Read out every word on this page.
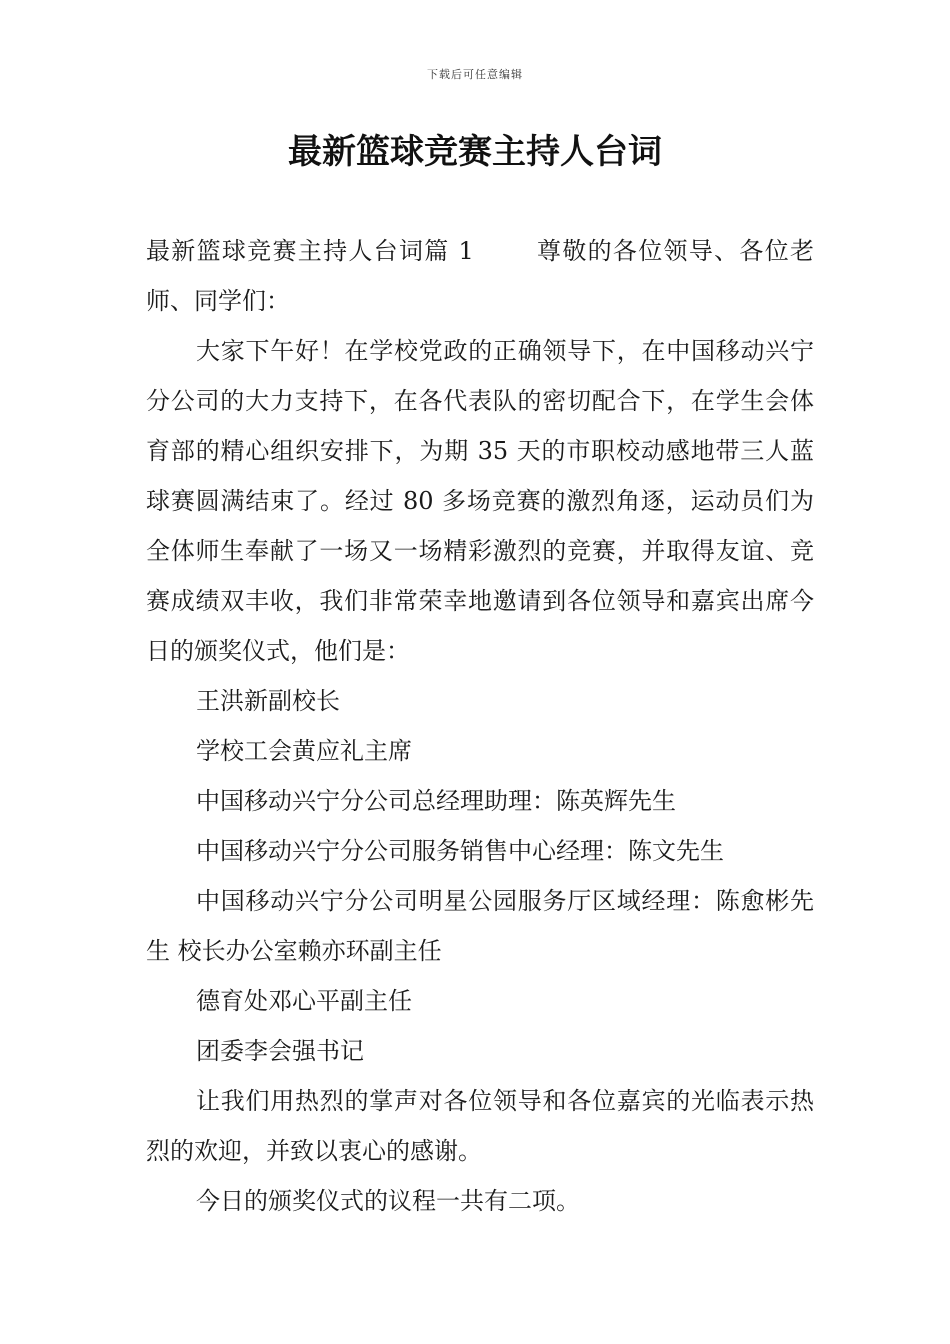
下载后可任意编辑
最新篮球竞赛主持人台词

最新篮球竞赛主持人台词篇 1	尊敬的各位领导、各位老师、同学们：

大家下午好！在学校党政的正确领导下，在中国移动兴宁分公司的大力支持下，在各代表队的密切配合下，在学生会体育部的精心组织安排下，为期 35 天的市职校动感地带三人蓝球赛圆满结束了。经过 80 多场竞赛的激烈角逐，运动员们为全体师生奉献了一场又一场精彩激烈的竞赛，并取得友谊、竞赛成绩双丰收，我们非常荣幸地邀请到各位领导和嘉宾出席今日的颁奖仪式，他们是：

王洪新副校长

学校工会黄应礼主席

中国移动兴宁分公司总经理助理：陈英辉先生

中国移动兴宁分公司服务销售中心经理：陈文先生

中国移动兴宁分公司明星公园服务厅区域经理：陈愈彬先生 校长办公室赖亦环副主任

德育处邓心平副主任

团委李会强书记

让我们用热烈的掌声对各位领导和各位嘉宾的光临表示热烈的欢迎，并致以衷心的感谢。

今日的颁奖仪式的议程一共有二项。
